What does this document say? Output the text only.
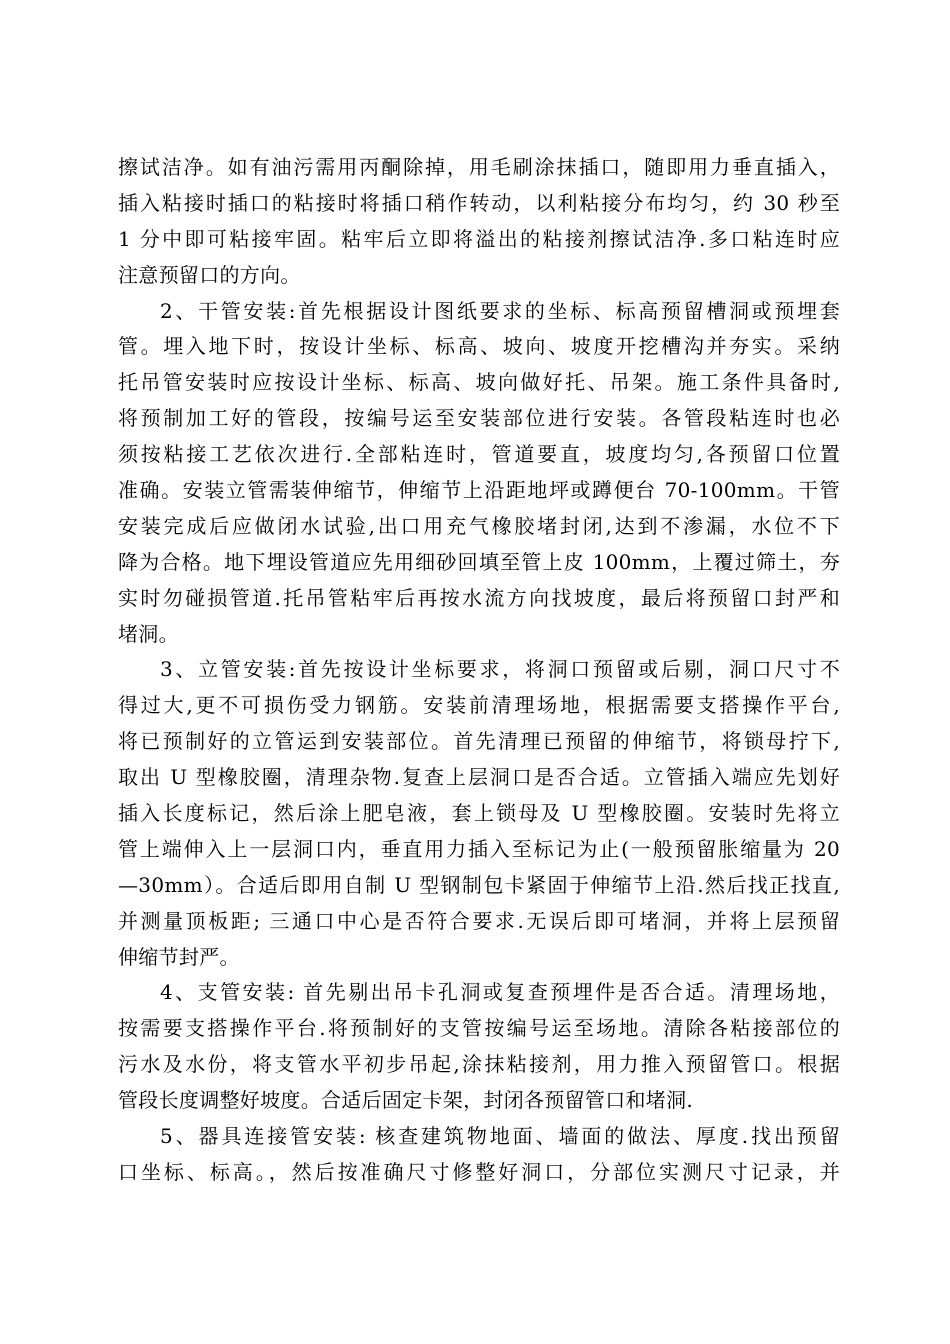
擦试洁净。如有油污需用丙酮除掉，用毛刷涂抹插口，随即用力垂直插入，
插入粘接时插口的粘接时将插口稍作转动，以利粘接分布均匀，约 30 秒至
1 分中即可粘接牢固。粘牢后立即将溢出的粘接剂擦试洁净.多口粘连时应
注意预留口的方向。
2、干管安装:首先根据设计图纸要求的坐标、标高预留槽洞或预埋套
管。埋入地下时，按设计坐标、标高、坡向、坡度开挖槽沟并夯实。采纳
托吊管安装时应按设计坐标、标高、坡向做好托、吊架。施工条件具备时,
将预制加工好的管段，按编号运至安装部位进行安装。各管段粘连时也必
须按粘接工艺依次进行.全部粘连时，管道要直，坡度均匀,各预留口位置
准确。安装立管需装伸缩节，伸缩节上沿距地坪或蹲便台 70-100mm。干管
安装完成后应做闭水试验,出口用充气橡胶堵封闭,达到不渗漏，水位不下
降为合格。地下埋设管道应先用细砂回填至管上皮 100mm，上覆过筛土，夯
实时勿碰损管道.托吊管粘牢后再按水流方向找坡度，最后将预留口封严和
堵洞。
3、立管安装:首先按设计坐标要求，将洞口预留或后剔，洞口尺寸不
得过大,更不可损伤受力钢筋。安装前清理场地，根据需要支搭操作平台,
将已预制好的立管运到安装部位。首先清理已预留的伸缩节，将锁母拧下,
取出 U 型橡胶圈，清理杂物.复查上层洞口是否合适。立管插入端应先划好
插入长度标记，然后涂上肥皂液，套上锁母及 U 型橡胶圈。安装时先将立
管上端伸入上一层洞口内，垂直用力插入至标记为止(一般预留胀缩量为 20
—30mm）。合适后即用自制 U 型钢制包卡紧固于伸缩节上沿.然后找正找直,
并测量顶板距; 三通口中心是否符合要求.无误后即可堵洞，并将上层预留
伸缩节封严。
4、支管安装: 首先剔出吊卡孔洞或复查预埋件是否合适。清理场地，
按需要支搭操作平台.将预制好的支管按编号运至场地。清除各粘接部位的
污水及水份，将支管水平初步吊起,涂抹粘接剂，用力推入预留管口。根据
管段长度调整好坡度。合适后固定卡架，封闭各预留管口和堵洞.
5、器具连接管安装: 核查建筑物地面、墙面的做法、厚度.找出预留
口坐标、标高。，然后按准确尺寸修整好洞口，分部位实测尺寸记录，并
